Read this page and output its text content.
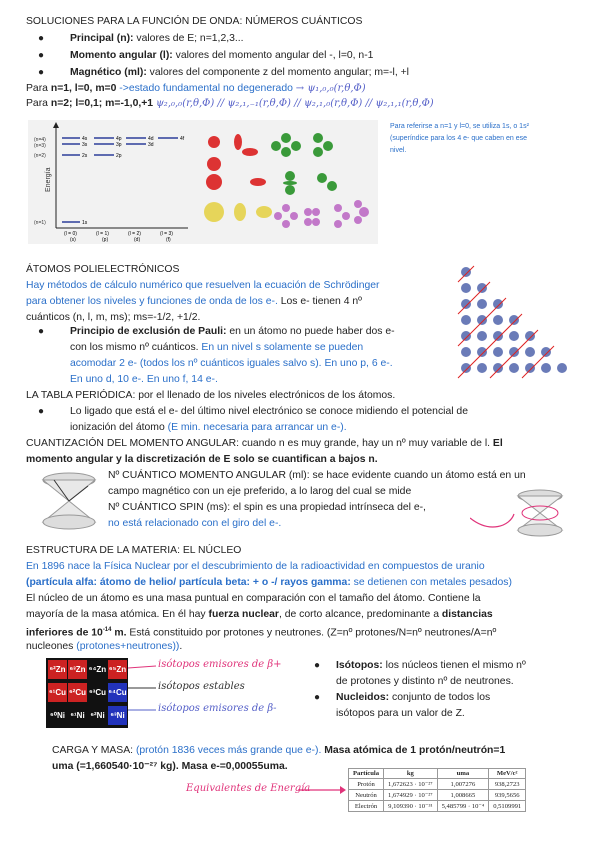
SOLUCIONES PARA LA FUNCIÓN DE ONDA: NÚMEROS CUÁNTICOS
● Principal (n): valores de E; n=1,2,3...
● Momento angular (l): valores del momento angular del -, l=0, n-1
● Magnético (ml): valores del componente z del momento angular; m=-l, +l
Para n=1, l=0, m=0 ->estado fundamental no degenerado → ψ₁,₀,₀(r,θ,Φ)
Para n=2; l=0,1; m=-1,0,+1 ψ₂,₀,₀(r,θ,Φ) // ψ₂,₁,₋₁(r,θ,Φ) // ψ₂,₁,₀(r,θ,Φ) // ψ₂,₁,₁(r,θ,Φ)
Energía
(n=4)
(n=3)
(n=2)
(n=1)
4s
3s
2s
1s
4p
3p
2p
4d
3d
4f
(l = 0)
(s)
(l = 1)
(p)
(l = 2)
(d)
(l = 3)
(f)
Para referirse a n=1 y l=0, se utiliza 1s, o 1s²
(superíndice para los 4 e- que caben en ese
nivel.
ÁTOMOS POLIELECTRÓNICOS
Hay métodos de cálculo numérico que resuelven la ecuación de Schrödinger
para obtener los niveles y funciones de onda de los e-. Los e- tienen 4 nº
cuánticos (n, l, m, ms); ms=-1/2, +1/2.
● Principio de exclusión de Pauli: en un átomo no puede haber dos e-
con los mismo nº cuánticos. En un nivel s solamente se pueden
acomodar 2 e- (todos los nº cuánticos iguales salvo s). En uno p, 6 e-.
En uno d, 10 e-. En uno f, 14 e-.
LA TABLA PERIÓDICA: por el llenado de los niveles electrónicos de los átomos.
● Lo ligado que está el e- del último nivel electrónico se conoce midiendo el potencial de
ionización del átomo (E min. necesaria para arrancar un e-).
CUANTIZACIÓN DEL MOMENTO ANGULAR: cuando n es muy grande, hay un nº muy variable de l. El
momento angular y la discretización de E solo se cuantifican a bajos n.
Nº CUÁNTICO MOMENTO ANGULAR (ml): se hace evidente cuando un átomo está en un
campo magnético con un eje preferido, a lo larog del cual se mide
Nº CUÁNTICO SPIN (ms): el spin es una propiedad intrínseca del e-,
no está relacionado con el giro del e-.
ESTRUCTURA DE LA MATERIA: EL NÚCLEO
En 1896 nace la Física Nuclear por el descubrimiento de la radioactividad en compuestos de uranio
(partícula alfa: átomo de helio/ partícula beta: + o -/ rayos gamma: se detienen con metales pesados)
El núcleo de un átomo es una masa puntual en comparación con el tamaño del átomo. Contiene la
mayoría de la masa atómica. En él hay fuerza nuclear, de corto alcance, predominante a distancias
inferiores de $10^{-14}$ m. Está constituido por protones y neutrones. (Z=nº protones/N=nº neutrones/A=nº
nucleones (protones+neutrones)).
⁶²Zn ⁶³Zn ⁶⁴Zn ⁶⁵Zn
⁶¹Cu ⁶²Cu ⁶³Cu ⁶⁴Cu
⁶⁰Ni ⁶¹Ni ⁶²Ni ⁶³Ni
isótopos emisores de β+
isótopos estables
isótopos emisores de β-
● Isótopos: los núcleos tienen el mismo nº
de protones y distinto nº de neutrones.
● Nucleidos: conjunto de todos los
isótopos para un valor de Z.
CARGA Y MASA: (protón 1836 veces más grande que e-). Masa atómica de 1 protón/neutrón=1
uma (=1,660540·10⁻²⁷ kg). Masa e-=0,00055uma.
Equivalentes de Energía
Partícula	kg	uma	MeV/c²
Protón	1,672623 · 10⁻²⁷	1,007276	938,2723
Neutrón	1,674929 · 10⁻²⁷	1,008665	939,5656
Electrón	9,109390 · 10⁻³¹	5,485799 · 10⁻⁴	0,5109991
